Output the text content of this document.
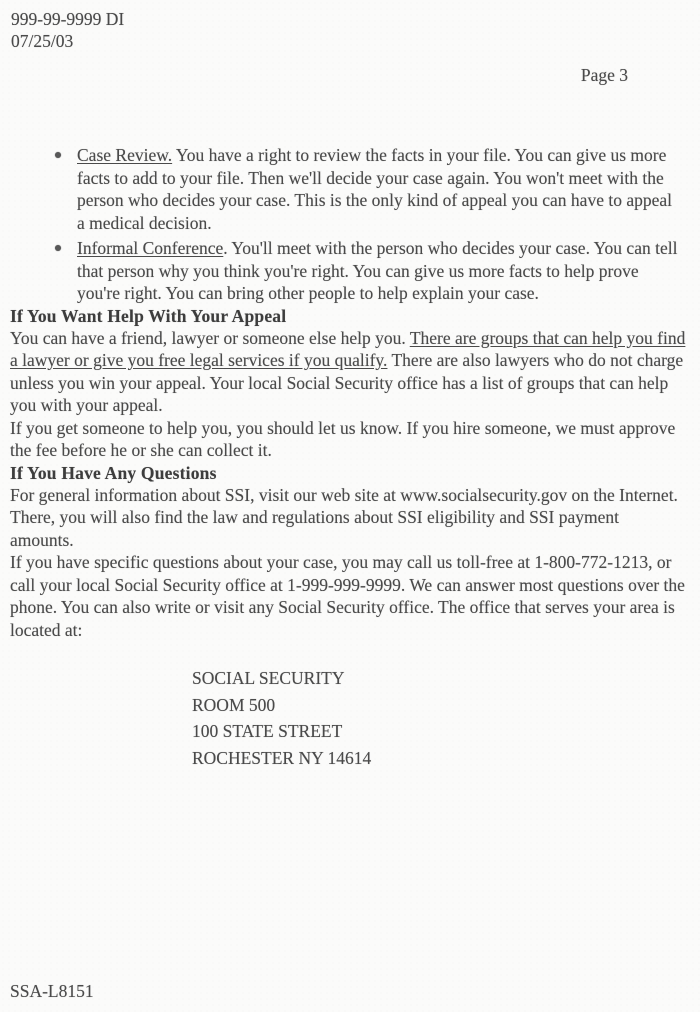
999-99-9999 DI
07/25/03
Page 3
Case Review. You have a right to review the facts in your file. You can give us more facts to add to your file. Then we'll decide your case again. You won't meet with the person who decides your case. This is the only kind of appeal you can have to appeal a medical decision.
Informal Conference. You'll meet with the person who decides your case. You can tell that person why you think you're right. You can give us more facts to help prove you're right. You can bring other people to help explain your case.
If You Want Help With Your Appeal

You can have a friend, lawyer or someone else help you. There are groups that can help you find a lawyer or give you free legal services if you qualify. There are also lawyers who do not charge unless you win your appeal. Your local Social Security office has a list of groups that can help you with your appeal.

If you get someone to help you, you should let us know. If you hire someone, we must approve the fee before he or she can collect it.

If You Have Any Questions

For general information about SSI, visit our web site at www.socialsecurity.gov on the Internet. There, you will also find the law and regulations about SSI eligibility and SSI payment amounts.

If you have specific questions about your case, you may call us toll-free at 1-800-772-1213, or call your local Social Security office at 1-999-999-9999. We can answer most questions over the phone. You can also write or visit any Social Security office. The office that serves your area is located at:

SOCIAL SECURITY
ROOM 500
100 STATE STREET
ROCHESTER NY 14614
SSA-L8151
